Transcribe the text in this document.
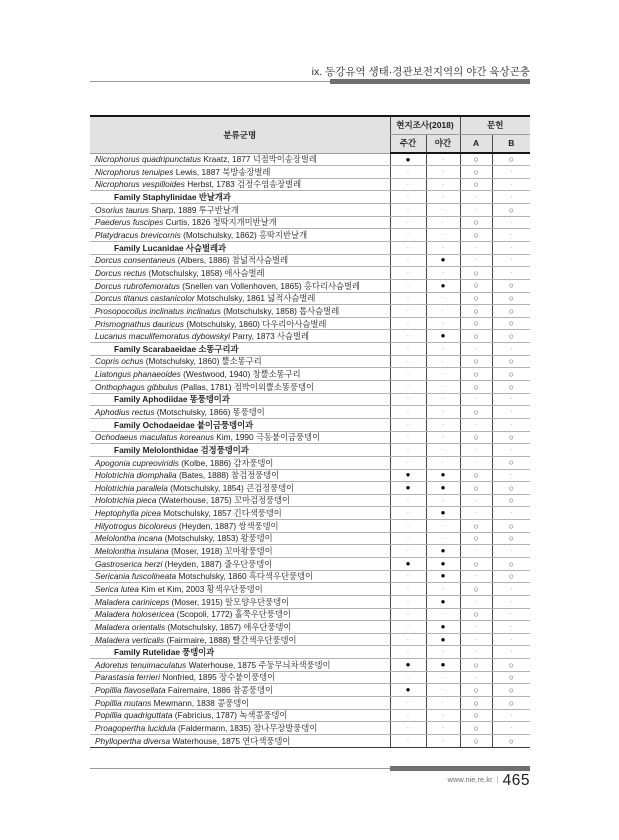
ix. 동강유역 생태·경관보전지역의 야간 육상곤충
분류군명	현지조사(2018)		문헌	
	주간	야간	A	B
Nicrophorus quadripunctatus Kraatz, 1877 넉점박이송장벌레	●	·	○	○
Nicrophorus tenuipes Lewis, 1887 북방송장벌레	·	·	○	·
Nicrophorus vespilloides Herbst, 1783 검정수염송장벌레	·	·	○	·
Family Staphylinidae 반날개과	·	·	·	·
Osorius taurus Sharp, 1889 투구반날개	·	·	·	○
Paederus fuscipes Curtis, 1826 청딱지개미반날개	·	·	○	·
Platydracus brevicornis (Motschulsky, 1862) 홍딱지반날개	·	·	○	·
Family Lucanidae 사슴벌레과	·	·	·	·
Dorcus consentaneus (Albers, 1886) 참넓적사슴벌레	·	●	·	·
Dorcus rectus (Motschulsky, 1858) 애사슴벌레	·	·	○	·
Dorcus rubrofemoratus (Snellen van Vollenhoven, 1865) 홍다리사슴벌레	·	●	○	○
Dorcus titanus castanicolor Motschulsky, 1861 넓적사슴벌레	·	·	○	○
Prosopocoilus inclinatus inclinatus (Motschulsky, 1858) 톱사슴벌레	·	·	○	○
Prismognathus dauricus (Motschulsky, 1860) 다우리아사슴벌레	·	·	○	○
Lucanus maculifemoratus dybowskyi Parry, 1873 사슴벌레	·	●	○	○
Family Scarabaeidae 소똥구리과	·	·	·	·
Copris ochus (Motschulsky, 1860) 뿔소똥구리	·	·	○	○
Liatongus phanaeoides (Westwood, 1940) 창뿔소똥구리	·	·	○	○
Onthophagus gibbulus (Pallas, 1781) 점박이외뿔소똥풍뎅이	·	·	○	○
Family Aphodiidae 똥풍뎅이과	·	·	·	·
Aphodius rectus (Motschulsky, 1866) 똥풍뎅이	·	·	○	·
Family Ochodaeidae 붙이금풍뎅이과	·	·	·	·
Ochodaeus maculatus koreanus Kim, 1990 극동붙이금풍뎅이	·	·	○	○
Family Melolonthidae 검정풍뎅이과	·	·	·	·
Apogonia cupreoviridis (Kolbe, 1886) 감자풍뎅이	·	·	·	○
Holotrichia diomphalia (Bates, 1888) 참검정풍뎅이	●	●	○	·
Holotrichia parallela (Motschulsky, 1854) 큰검정풍뎅이	●	●	○	○
Holotrichia pieca (Waterhouse, 1875) 꼬마검정풍뎅이	·	·	·	○
Heptophylla picea Motschulsky, 1857 긴다색풍뎅이	·	●	·	·
Hilyotrogus bicoloreus (Heyden, 1887) 쌍색풍뎅이	·	·	○	○
Melolontha incana (Motschulsky, 1853) 왕풍뎅이	·	·	○	○
Melolontha insulana (Moser, 1918) 꼬마왕풍뎅이	·	●	·	·
Gastroserica herzi (Heyden, 1887) 줄우단풍뎅이	●	●	○	○
Sericania fuscolineata Motschulsky, 1860 흑다색우단풍뎅이	·	●	·	○
Serica lutea Kim et Kim, 2003 황색우단풍뎅이	·	·	○	·
Maladera cariniceps (Moser, 1915) 알모양우단풍뎅이	·	●	·	·
Maladera holosericea (Scopoli, 1772) 홀쭉우단풍뎅이	·	·	○	·
Maladera orientalis (Motschulsky, 1857) 애우단풍뎅이	·	●	·	·
Maladera verticalis (Fairmaire, 1888) 빨간색우단풍뎅이	·	●	·	·
Family Rutelidae 풍뎅이과	·	·	·	·
Adoretus tenuimaculatus Waterhouse, 1875 주둥무늬차색풍뎅이	●	●	○	○
Parastasia ferrieri Nonfried, 1895 장수붙이풍뎅이	·	·	·	○
Popillia flavosellata Fairemaire, 1886 참콩풍뎅이	●	·	○	○
Popillia mutans Mewmann, 1838 콩풍뎅이	·	·	○	○
Popillia quadriguttata (Fabricius, 1787) 녹색콩풍뎅이	·	·	○	·
Proagopertha lucidula (Faldermann, 1835) 참나무장발풍뎅이	·	·	○	·
Phyllopertha diversa Waterhouse, 1875 연다색풍뎅이	·	·	○	○
www.nie.re.kr | 465
